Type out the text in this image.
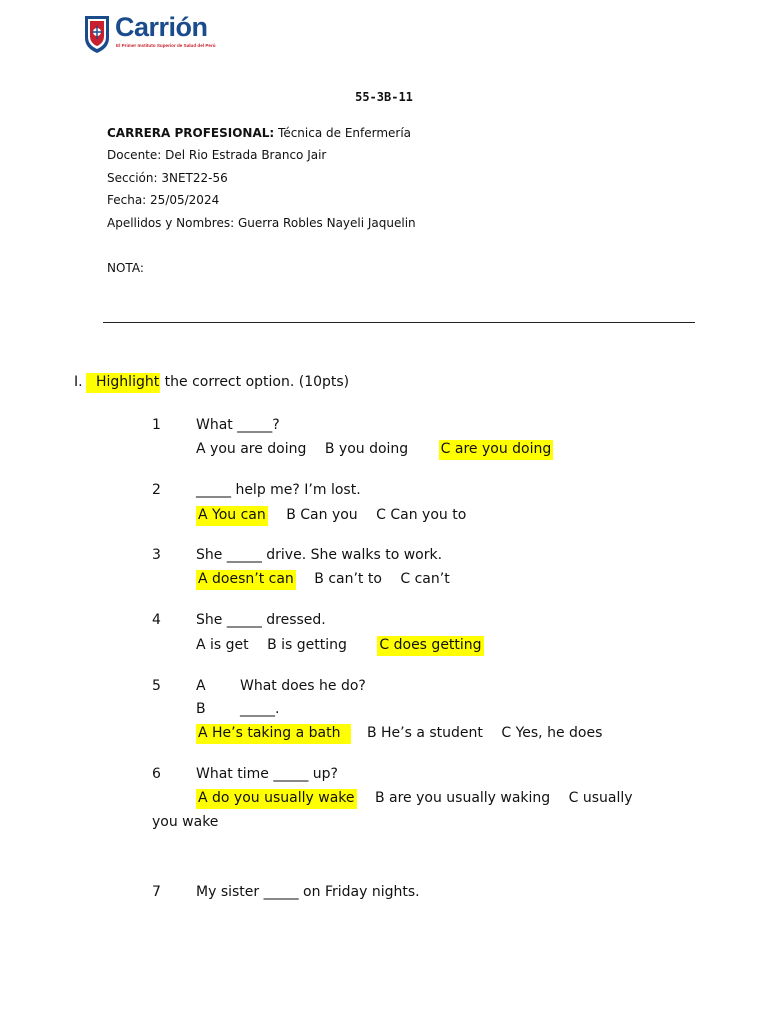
Carrión
El Primer Instituto Superior de Salud del Perú
55-3B-11
CARRERA PROFESIONAL: Técnica de Enfermería
Docente: Del Rio Estrada Branco Jair
Sección: 3NET22-56
Fecha: 25/05/2024
Apellidos y Nombres: Guerra Robles Nayeli Jaquelin
NOTA:
I. Highlight the correct option. (10pts)
1	What _____?
A you are doing B you doing C are you doing
2	_____ help me? I’m lost.
A You can B Can you C Can you to
3	She _____ drive. She walks to work.
A doesn’t can B can’t to C can’t
4	She _____ dressed.
A is get B is getting C does getting
5	A What does he do?
B _____.
A He’s taking a bath B He’s a student C Yes, he does
6	What time _____ up?
A do you usually wake B are you usually waking C usually
you wake
7	My sister _____ on Friday nights.
